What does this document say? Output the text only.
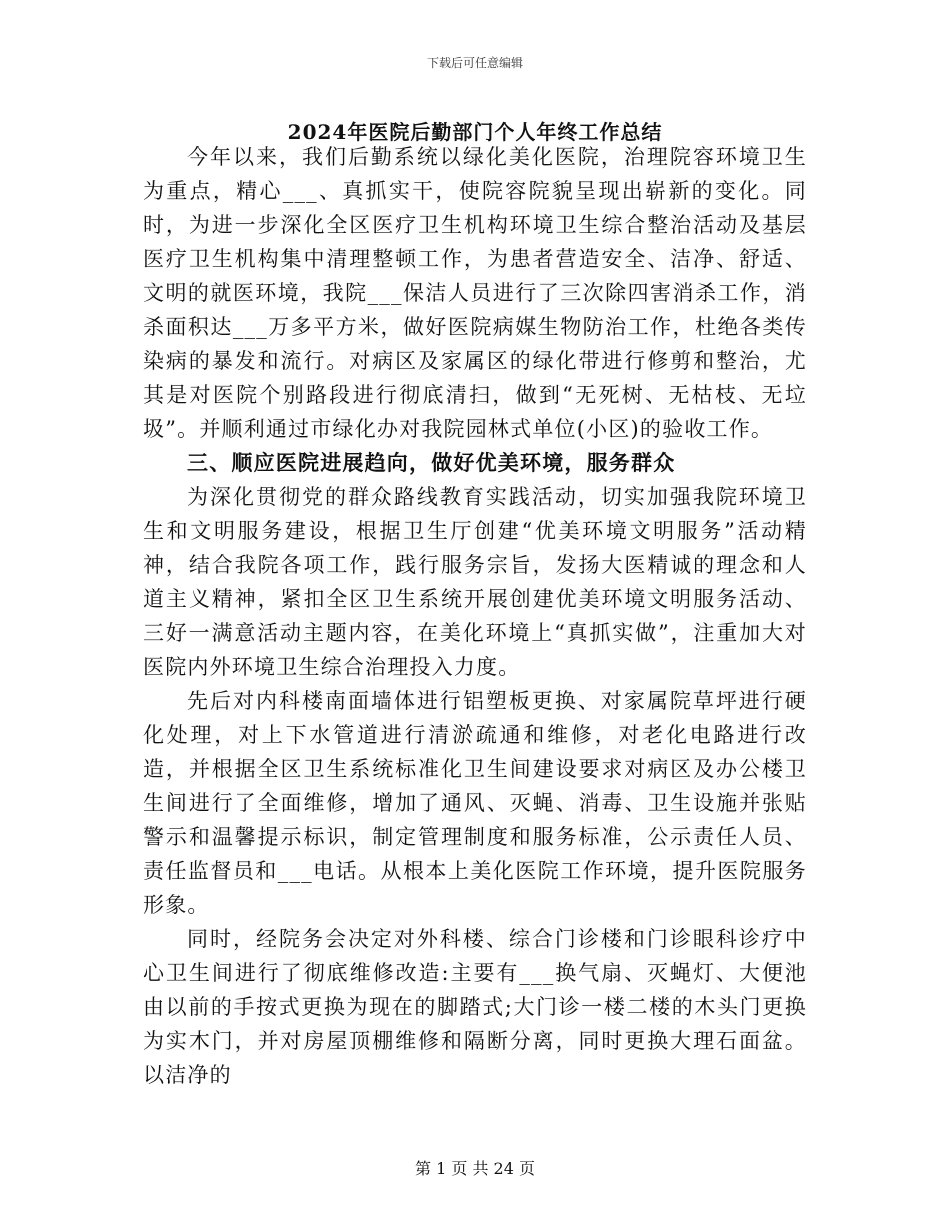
下载后可任意编辑
2024年医院后勤部门个人年终工作总结

今年以来，我们后勤系统以绿化美化医院，治理院容环境卫生为重点，精心___、真抓实干，使院容院貌呈现出崭新的变化。同时，为进一步深化全区医疗卫生机构环境卫生综合整治活动及基层医疗卫生机构集中清理整顿工作，为患者营造安全、洁净、舒适、文明的就医环境，我院___保洁人员进行了三次除四害消杀工作，消杀面积达___万多平方米，做好医院病媒生物防治工作，杜绝各类传染病的暴发和流行。对病区及家属区的绿化带进行修剪和整治，尤其是对医院个别路段进行彻底清扫，做到“无死树、无枯枝、无垃圾”。并顺利通过市绿化办对我院园林式单位(小区)的验收工作。

三、顺应医院进展趋向，做好优美环境，服务群众

为深化贯彻党的群众路线教育实践活动，切实加强我院环境卫生和文明服务建设，根据卫生厅创建“优美环境文明服务”活动精神，结合我院各项工作，践行服务宗旨，发扬大医精诚的理念和人道主义精神，紧扣全区卫生系统开展创建优美环境文明服务活动、三好一满意活动主题内容，在美化环境上“真抓实做”，注重加大对医院内外环境卫生综合治理投入力度。

先后对内科楼南面墙体进行铝塑板更换、对家属院草坪进行硬化处理，对上下水管道进行清淤疏通和维修，对老化电路进行改造，并根据全区卫生系统标准化卫生间建设要求对病区及办公楼卫生间进行了全面维修，增加了通风、灭蝇、消毒、卫生设施并张贴警示和温馨提示标识，制定管理制度和服务标准，公示责任人员、责任监督员和___电话。从根本上美化医院工作环境，提升医院服务形象。

同时，经院务会决定对外科楼、综合门诊楼和门诊眼科诊疗中心卫生间进行了彻底维修改造:主要有___换气扇、灭蝇灯、大便池由以前的手按式更换为现在的脚踏式;大门诊一楼二楼的木头门更换为实木门，并对房屋顶棚维修和隔断分离，同时更换大理石面盆。以洁净的

第 1 页 共 24 页
